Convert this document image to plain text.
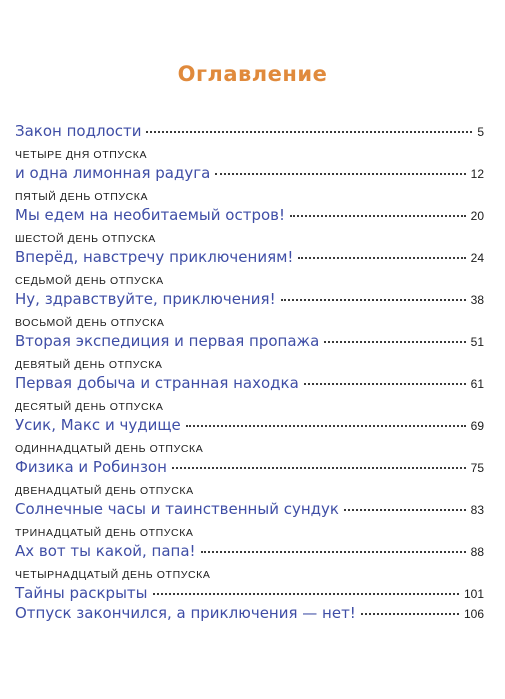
Оглавление
Закон подлости	5
ЧЕТЫРЕ ДНЯ ОТПУСКА
и одна лимонная радуга	12
ПЯТЫЙ ДЕНЬ ОТПУСКА
Мы едем на необитаемый остров!	20
ШЕСТОЙ ДЕНЬ ОТПУСКА
Вперёд, навстречу приключениям!	24
СЕДЬМОЙ ДЕНЬ ОТПУСКА
Ну, здравствуйте, приключения!	38
ВОСЬМОЙ ДЕНЬ ОТПУСКА
Вторая экспедиция и первая пропажа	51
ДЕВЯТЫЙ ДЕНЬ ОТПУСКА
Первая добыча и странная находка	61
ДЕСЯТЫЙ ДЕНЬ ОТПУСКА
Усик, Макс и чудище	69
ОДИННАДЦАТЫЙ ДЕНЬ ОТПУСКА
Физика и Робинзон	75
ДВЕНАДЦАТЫЙ ДЕНЬ ОТПУСКА
Солнечные часы и таинственный сундук	83
ТРИНАДЦАТЫЙ ДЕНЬ ОТПУСКА
Ах вот ты какой, папа!	88
ЧЕТЫРНАДЦАТЫЙ ДЕНЬ ОТПУСКА
Тайны раскрыты	101
Отпуск закончился, а приключения — нет!	106
